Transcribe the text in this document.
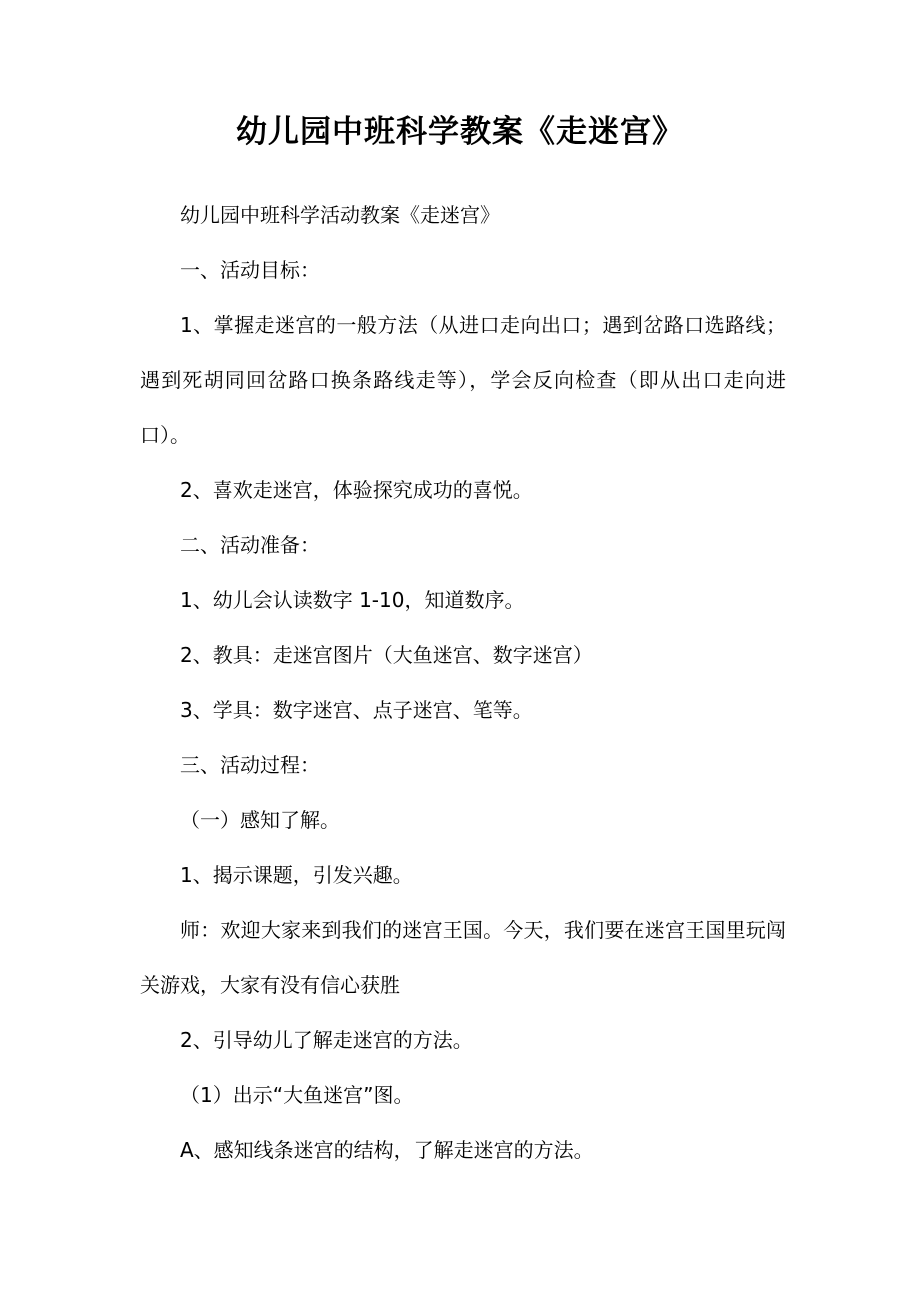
幼儿园中班科学教案《走迷宫》

幼儿园中班科学活动教案《走迷宫》

一、活动目标：

1、掌握走迷宫的一般方法（从进口走向出口；遇到岔路口选路线；遇到死胡同回岔路口换条路线走等），学会反向检查（即从出口走向进口）。

2、喜欢走迷宫，体验探究成功的喜悦。

二、活动准备：

1、幼儿会认读数字 1-10，知道数序。

2、教具：走迷宫图片（大鱼迷宫、数字迷宫）

3、学具：数字迷宫、点子迷宫、笔等。

三、活动过程：

（一）感知了解。

1、揭示课题，引发兴趣。

师：欢迎大家来到我们的迷宫王国。今天，我们要在迷宫王国里玩闯关游戏，大家有没有信心获胜

2、引导幼儿了解走迷宫的方法。

（1）出示“大鱼迷宫”图。

A、感知线条迷宫的结构，了解走迷宫的方法。
